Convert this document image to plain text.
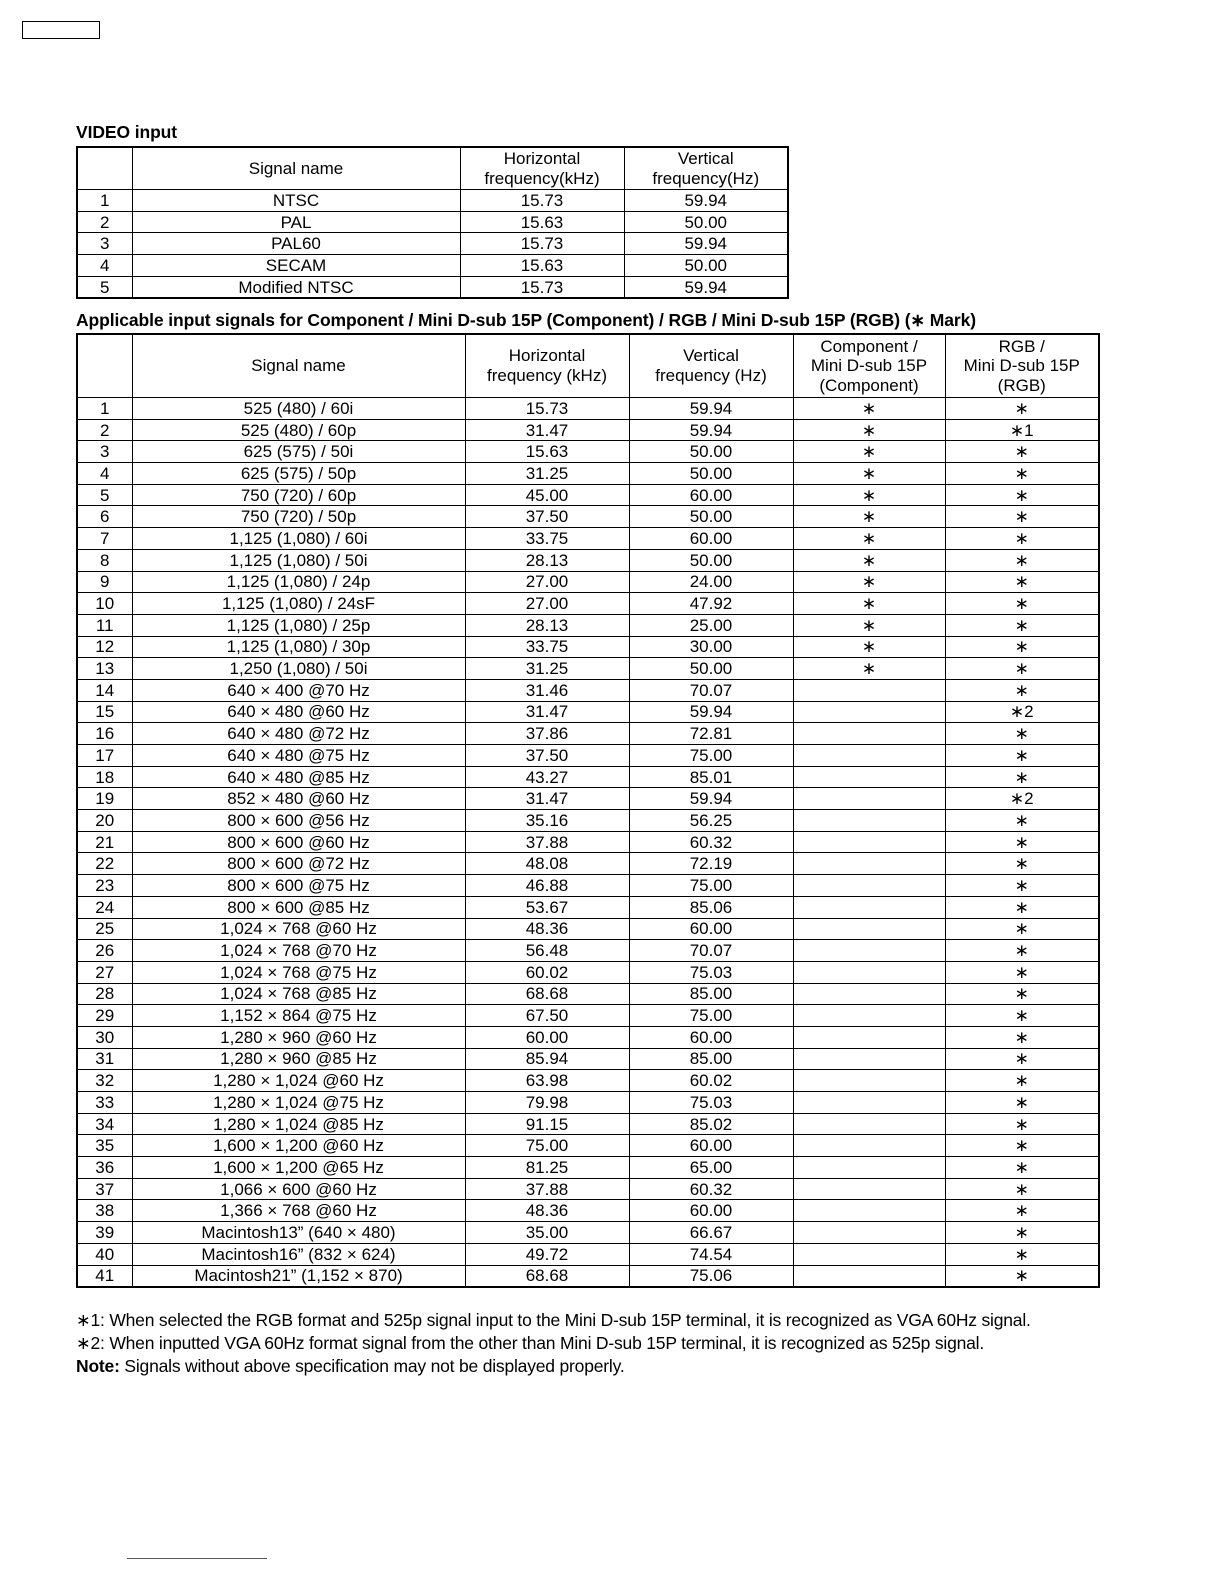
VIDEO input
	Signal name	Horizontal
frequency(kHz)	Vertical
frequency(Hz)
1	NTSC	15.73	59.94
2	PAL	15.63	50.00
3	PAL60	15.73	59.94
4	SECAM	15.63	50.00
5	Modified NTSC	15.73	59.94
Applicable input signals for Component / Mini D-sub 15P (Component) / RGB / Mini D-sub 15P (RGB) (∗ Mark)
	Signal name	Horizontal
frequency (kHz)	Vertical
frequency (Hz)	Component /
Mini D-sub 15P
(Component)	RGB /
Mini D-sub 15P
(RGB)
1	525 (480) / 60i	15.73	59.94	∗	∗
2	525 (480) / 60p	31.47	59.94	∗	∗1
3	625 (575) / 50i	15.63	50.00	∗	∗
4	625 (575) / 50p	31.25	50.00	∗	∗
5	750 (720) / 60p	45.00	60.00	∗	∗
6	750 (720) / 50p	37.50	50.00	∗	∗
7	1,125 (1,080) / 60i	33.75	60.00	∗	∗
8	1,125 (1,080) / 50i	28.13	50.00	∗	∗
9	1,125 (1,080) / 24p	27.00	24.00	∗	∗
10	1,125 (1,080) / 24sF	27.00	47.92	∗	∗
11	1,125 (1,080) / 25p	28.13	25.00	∗	∗
12	1,125 (1,080) / 30p	33.75	30.00	∗	∗
13	1,250 (1,080) / 50i	31.25	50.00	∗	∗
14	640 × 400 @70 Hz	31.46	70.07		∗
15	640 × 480 @60 Hz	31.47	59.94		∗2
16	640 × 480 @72 Hz	37.86	72.81		∗
17	640 × 480 @75 Hz	37.50	75.00		∗
18	640 × 480 @85 Hz	43.27	85.01		∗
19	852 × 480 @60 Hz	31.47	59.94		∗2
20	800 × 600 @56 Hz	35.16	56.25		∗
21	800 × 600 @60 Hz	37.88	60.32		∗
22	800 × 600 @72 Hz	48.08	72.19		∗
23	800 × 600 @75 Hz	46.88	75.00		∗
24	800 × 600 @85 Hz	53.67	85.06		∗
25	1,024 × 768 @60 Hz	48.36	60.00		∗
26	1,024 × 768 @70 Hz	56.48	70.07		∗
27	1,024 × 768 @75 Hz	60.02	75.03		∗
28	1,024 × 768 @85 Hz	68.68	85.00		∗
29	1,152 × 864 @75 Hz	67.50	75.00		∗
30	1,280 × 960 @60 Hz	60.00	60.00		∗
31	1,280 × 960 @85 Hz	85.94	85.00		∗
32	1,280 × 1,024 @60 Hz	63.98	60.02		∗
33	1,280 × 1,024 @75 Hz	79.98	75.03		∗
34	1,280 × 1,024 @85 Hz	91.15	85.02		∗
35	1,600 × 1,200 @60 Hz	75.00	60.00		∗
36	1,600 × 1,200 @65 Hz	81.25	65.00		∗
37	1,066 × 600 @60 Hz	37.88	60.32		∗
38	1,366 × 768 @60 Hz	48.36	60.00		∗
39	Macintosh13” (640 × 480)	35.00	66.67		∗
40	Macintosh16” (832 × 624)	49.72	74.54		∗
41	Macintosh21” (1,152 × 870)	68.68	75.06		∗
∗1: When selected the RGB format and 525p signal input to the Mini D-sub 15P terminal, it is recognized as VGA 60Hz signal.
∗2: When inputted VGA 60Hz format signal from the other than Mini D-sub 15P terminal, it is recognized as 525p signal.
Note: Signals without above specification may not be displayed properly.
